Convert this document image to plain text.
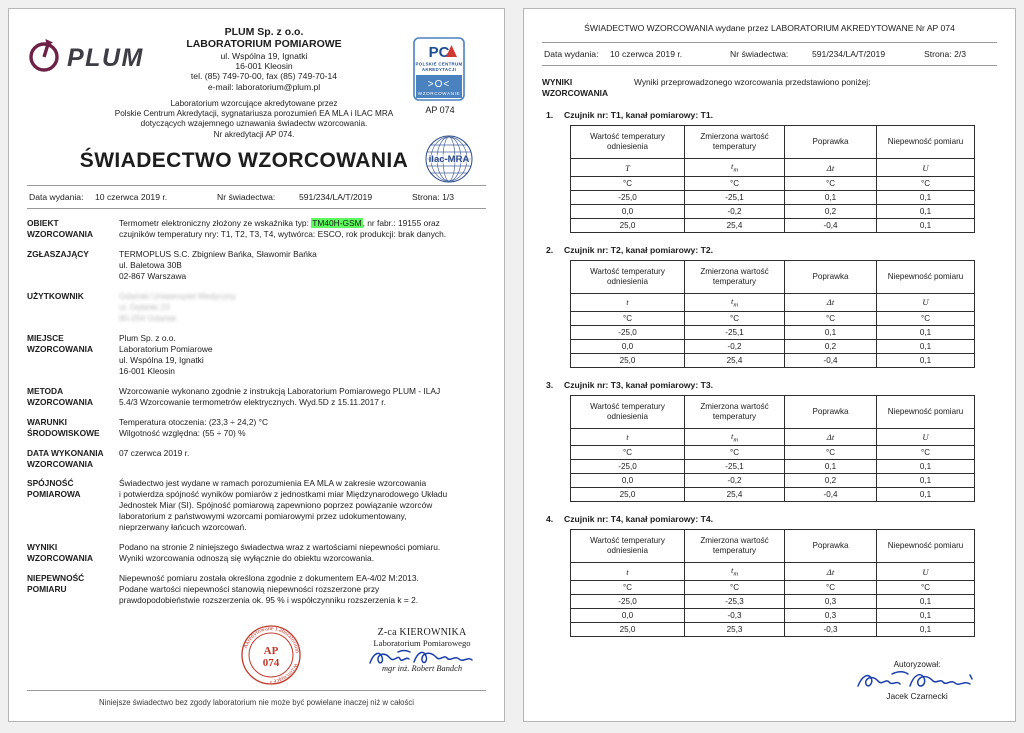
PLUM
PLUM Sp. z o.o.
LABORATORIUM POMIAROWE
ul. Wspólna 19, Ignatki
16-001 Kleosin
tel. (85) 749-70-00, fax (85) 749-70-14
e-mail: laboratorium@plum.pl
Laboratorium wzorcujące akredytowane przez
Polskie Centrum Akredytacji, sygnatariusza porozumień EA MLA i ILAC MRA
dotyczących wzajemnego uznawania świadectw wzorcowania.
Nr akredytacji AP 074.
ŚWIADECTWO WZORCOWANIA
PC
POLSKIE CENTRUM
AKREDYTACJI
>O<
WZORCOWANIE
AP 074
ilac-MRA
Data wydania: 10 czerwca 2019 r.	Nr świadectwa:	591/234/LA/T/2019	Strona: 1/3
OBIEKT WZORCOWANIA
Termometr elektroniczny złożony ze wskaźnika typ: TM40H-GSM, nr fabr.: 19155 oraz
czujników temperatury nry: T1, T2, T3, T4, wytwórca: ESCO, rok produkcji: brak danych.
ZGŁASZAJĄCY	TERMOPLUS S.C. Zbigniew Bańka, Sławomir Bańka
ul. Baletowa 30B
02-867 Warszawa
UŻYTKOWNIK	Gdański Uniwersytet Medyczny
ul. Dębinki 23
80-204 Gdańsk
MIEJSCE WZORCOWANIA
Plum Sp. z o.o.
Laboratorium Pomiarowe
ul. Wspólna 19, Ignatki
16-001 Kleosin
METODA WZORCOWANIA
Wzorcowanie wykonano zgodnie z instrukcją Laboratorium Pomiarowego PLUM - ILAJ
5.4/3 Wzorcowanie termometrów elektrycznych. Wyd.5D z 15.11.2017 r.
WARUNKI ŚRODOWISKOWE
Temperatura otoczenia: (23,3 ÷ 24,2) °C
Wilgotność względna: (55 ÷ 70) %
DATA WYKONANIA WZORCOWANIA
07 czerwca 2019 r.
SPÓJNOŚĆ POMIAROWA
Świadectwo jest wydane w ramach porozumienia EA MLA w zakresie wzorcowania
i potwierdza spójność wyników pomiarów z jednostkami miar Międzynarodowego Układu
Jednostek Miar (SI). Spójność pomiarową zapewniono poprzez powiązanie wzorców
laboratorium z państwowymi wzorcami pomiarowymi przez udokumentowany,
nieprzerwany łańcuch wzorcowań.
WYNIKI WZORCOWANIA
Podano na stronie 2 niniejszego świadectwa wraz z wartościami niepewności pomiaru.
Wyniki wzorcowania odnoszą się wyłącznie do obiektu wzorcowania.
NIEPEWNOŚĆ POMIARU
Niepewność pomiaru została określona zgodnie z dokumentem EA-4/02 M:2013.
Podane wartości niepewności stanowią niepewności rozszerzone przy
prawdopodobieństwie rozszerzenia ok. 95 % i współczynniku rozszerzenia k = 2.
Akredytowane Laboratorium
Wzorcujące •
AP
074
Z-ca KIEROWNIKA
Laboratorium Pomiarowego
mgr inż. Robert Bandch
Niniejsze świadectwo bez zgody laboratorium nie może być powielane inaczej niż w całości
ŚWIADECTWO WZORCOWANIA wydane przez LABORATORIUM AKREDYTOWANE Nr AP 074
Data wydania: 10 czerwca 2019 r.	Nr świadectwa:	591/234/LA/T/2019	Strona: 2/3
WYNIKI
WZORCOWANIA
Wyniki przeprowadzonego wzorcowania przedstawiono poniżej:
1. Czujnik nr: T1, kanał pomiarowy: T1.
Wartość temperatury odniesienia	Zmierzona wartość temperatury	Poprawka	Niepewność pomiaru
T	$t_m$	Δt	U
°C	°C	°C	°C
-25,0	-25,1	0,1	0,1
0,0	-0,2	0,2	0,1
25,0	25,4	-0,4	0,1
2. Czujnik nr: T2, kanał pomiarowy: T2.
Wartość temperatury odniesienia	Zmierzona wartość temperatury	Poprawka	Niepewność pomiaru
t	$t_m$	Δt	U
°C	°C	°C	°C
-25,0	-25,1	0,1	0,1
0,0	-0,2	0,2	0,1
25,0	25,4	-0,4	0,1
3. Czujnik nr: T3, kanał pomiarowy: T3.
Wartość temperatury odniesienia	Zmierzona wartość temperatury	Poprawka	Niepewność pomiaru
t	$t_m$	Δt	U
°C	°C	°C	°C
-25,0	-25,1	0,1	0,1
0,0	-0,2	0,2	0,1
25,0	25,4	-0,4	0,1
4. Czujnik nr: T4, kanał pomiarowy: T4.
Wartość temperatury odniesienia	Zmierzona wartość temperatury	Poprawka	Niepewność pomiaru
t	$t_m$	Δt	U
°C	°C	°C	°C
-25,0	-25,3	0,3	0,1
0,0	-0,3	0,3	0,1
25,0	25,3	-0,3	0,1
Autoryzował:
Jacek Czarnecki
